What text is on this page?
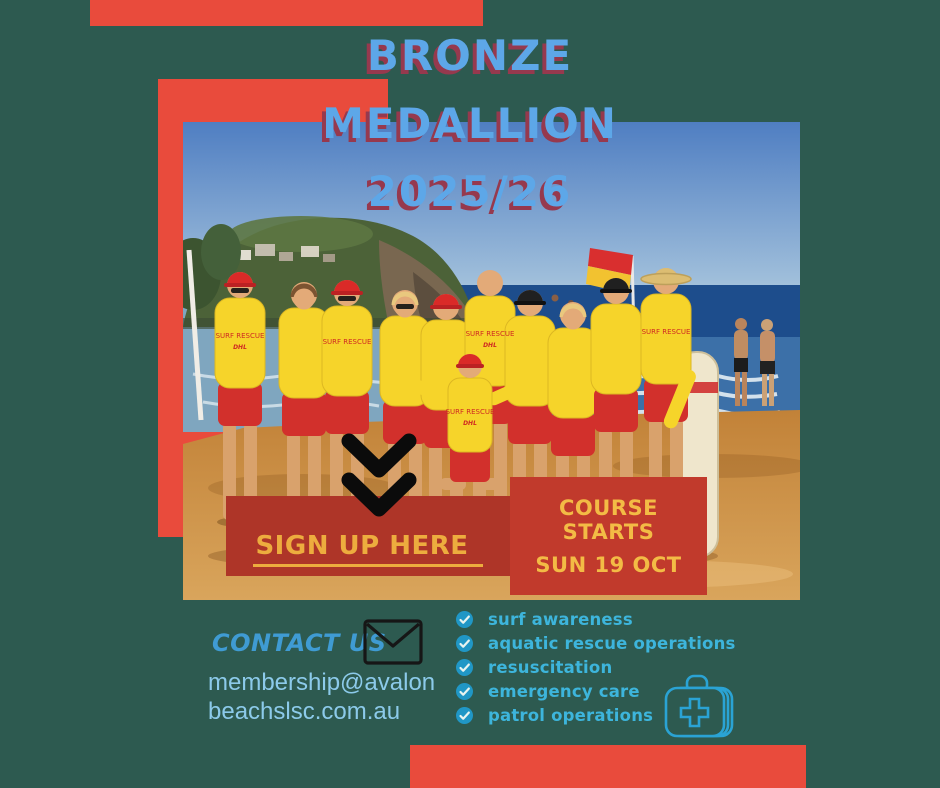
SURF RESCUE
DHL
SURF RESCUE
SURF RESCUE
DHL
SURF RESCUE
SURF RESCUE
DHL
BRONZE
MEDALLION
2025/26
SIGN UP HERE
COURSE STARTS
SUN 19 OCT
CONTACT US
membership@avalon
beachslsc.com.au
surf awareness
aquatic rescue operations
resuscitation
emergency care
patrol operations
